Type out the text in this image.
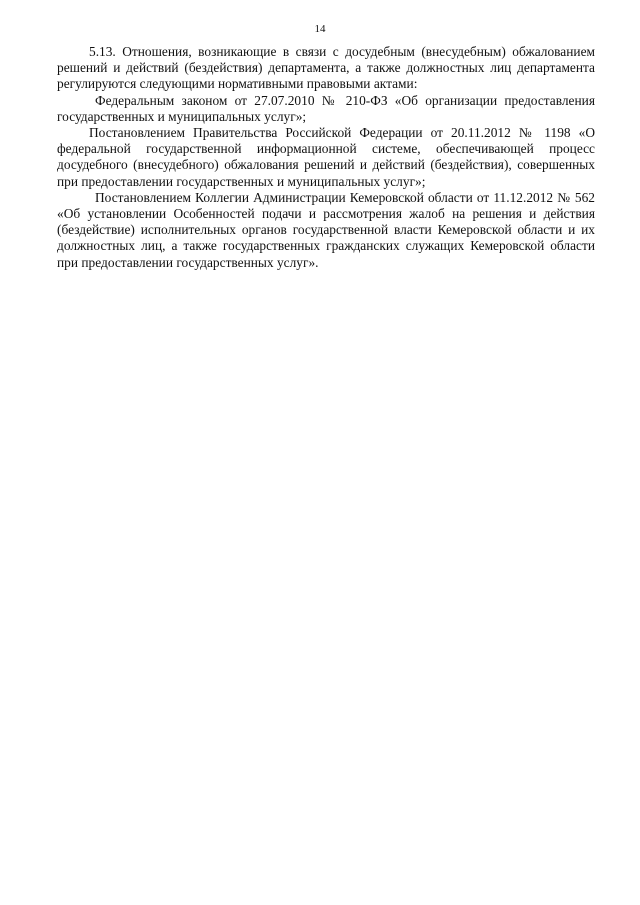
14

5.13. Отношения, возникающие в связи с досудебным (внесудебным) обжалованием решений и действий (бездействия) департамента, а также должностных лиц департамента регулируются следующими нормативными правовыми актами:

Федеральным законом от 27.07.2010 № 210-ФЗ «Об организации предоставления государственных и муниципальных услуг»;

Постановлением Правительства Российской Федерации от 20.11.2012 № 1198 «О федеральной государственной информационной системе, обеспечивающей процесс досудебного (внесудебного) обжалования решений и действий (бездействия), совершенных при предоставлении государственных и муниципальных услуг»;

Постановлением Коллегии Администрации Кемеровской области от 11.12.2012 № 562 «Об установлении Особенностей подачи и рассмотрения жалоб на решения и действия (бездействие) исполнительных органов государственной власти Кемеровской области и их должностных лиц, а также государственных гражданских служащих Кемеровской области при предоставлении государственных услуг».
